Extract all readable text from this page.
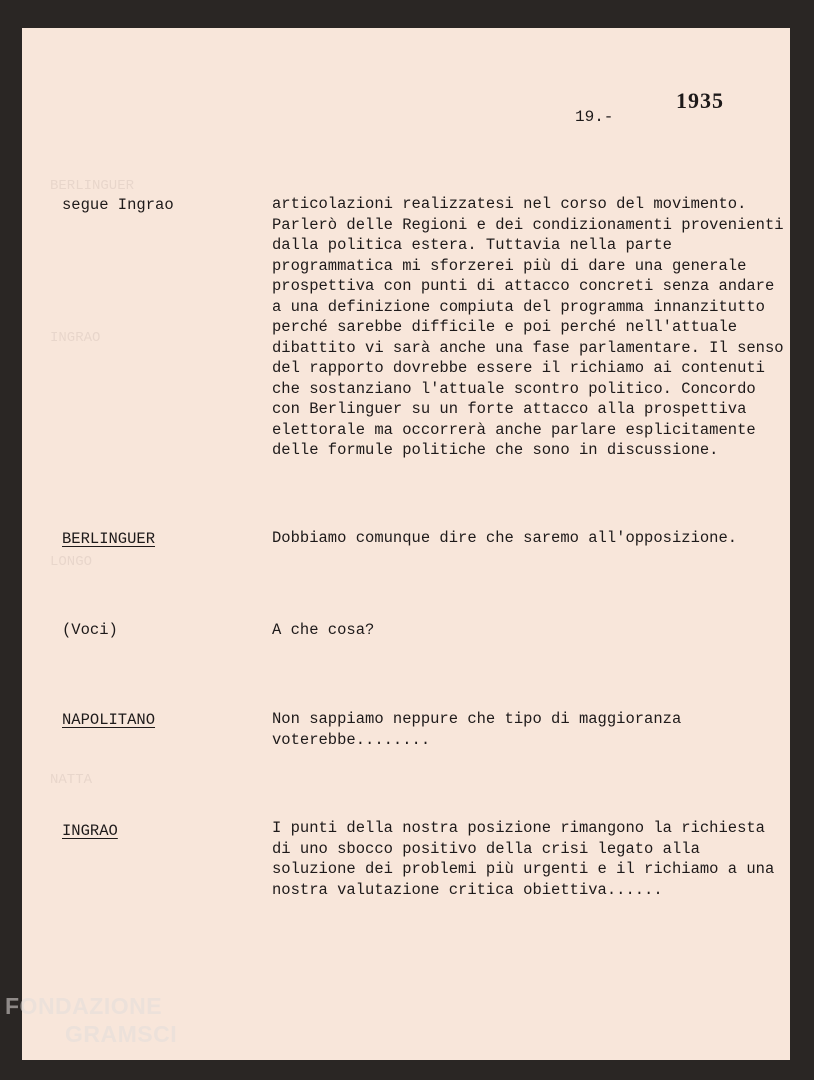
BERLINGUER
INGRAO
LONGO
NATTA
1935
19.-
segue Ingrao	articolazioni realizzatesi nel corso del movimento. Parlerò delle Regioni e dei condizionamenti provenienti dalla politica estera. Tuttavia nella parte programmatica mi sforzerei più di dare una generale prospettiva con punti di attacco concreti senza andare a una definizione compiuta del programma innanzitutto perché sarebbe difficile e poi perché nell'attuale dibattito vi sarà anche una fase parlamentare. Il senso del rapporto dovrebbe essere il richiamo ai contenuti che sostanziano l'attuale scontro politico. Concordo con Berlinguer su un forte attacco alla prospettiva elettorale ma occorrerà anche parlare esplicitamente delle formule politiche che sono in discussione.
BERLINGUER	Dobbiamo comunque dire che saremo all'opposizione.
(Voci)	A che cosa?
NAPOLITANO	Non sappiamo neppure che tipo di maggioranza voterebbe........
INGRAO	I punti della nostra posizione rimangono la richiesta di uno sbocco positivo della crisi legato alla soluzione dei problemi più urgenti e il richiamo a una nostra valutazione critica obiettiva......
FONDAZIONE
GRAMSCI
